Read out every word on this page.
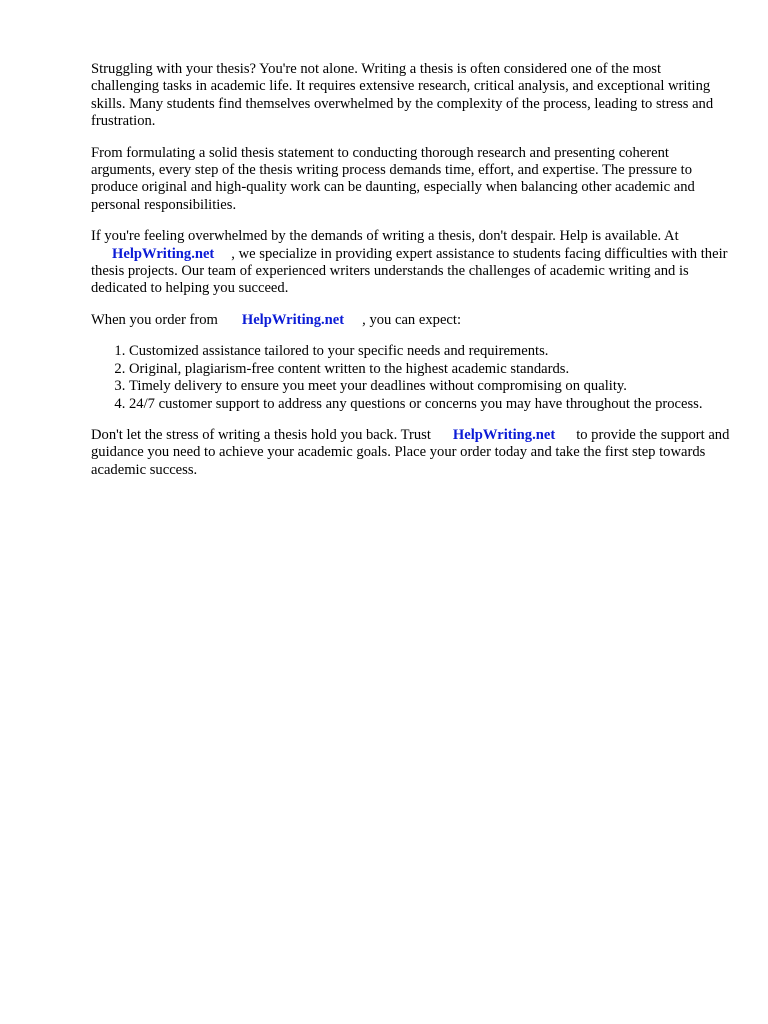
Struggling with your thesis? You're not alone. Writing a thesis is often considered one of the most challenging tasks in academic life. It requires extensive research, critical analysis, and exceptional writing skills. Many students find themselves overwhelmed by the complexity of the process, leading to stress and frustration.

From formulating a solid thesis statement to conducting thorough research and presenting coherent arguments, every step of the thesis writing process demands time, effort, and expertise. The pressure to produce original and high-quality work can be daunting, especially when balancing other academic and personal responsibilities.

If you're feeling overwhelmed by the demands of writing a thesis, don't despair. Help is available. At
HelpWriting.net , we specialize in providing expert assistance to students facing difficulties with their thesis projects. Our team of experienced writers understands the challenges of academic writing and is dedicated to helping you succeed.

When you order from HelpWriting.net , you can expect:

1. Customized assistance tailored to your specific needs and requirements.
2. Original, plagiarism-free content written to the highest academic standards.
3. Timely delivery to ensure you meet your deadlines without compromising on quality.
4. 24/7 customer support to address any questions or concerns you may have throughout the process.

Don't let the stress of writing a thesis hold you back. Trust HelpWriting.net to provide the support and guidance you need to achieve your academic goals. Place your order today and take the first step towards academic success.
